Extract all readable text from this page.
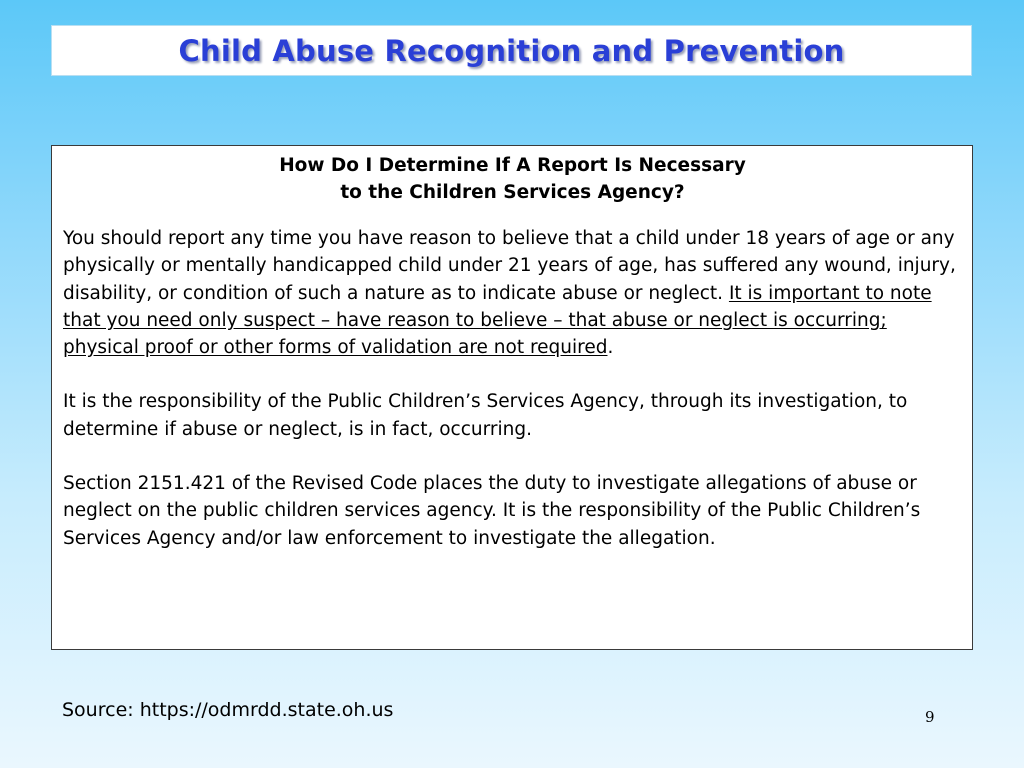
Child Abuse Recognition and Prevention
How Do I Determine If A Report Is Necessary
to the Children Services Agency?

You should report any time you have reason to believe that a child under 18 years of age or any physically or mentally handicapped child under 21 years of age, has suffered any wound, injury, disability, or condition of such a nature as to indicate abuse or neglect. It is important to note that you need only suspect – have reason to believe – that abuse or neglect is occurring; physical proof or other forms of validation are not required.

It is the responsibility of the Public Children’s Services Agency, through its investigation, to determine if abuse or neglect, is in fact, occurring.

Section 2151.421 of the Revised Code places the duty to investigate allegations of abuse or neglect on the public children services agency. It is the responsibility of the Public Children’s Services Agency and/or law enforcement to investigate the allegation.

Source: https://odmrdd.state.oh.us	9
